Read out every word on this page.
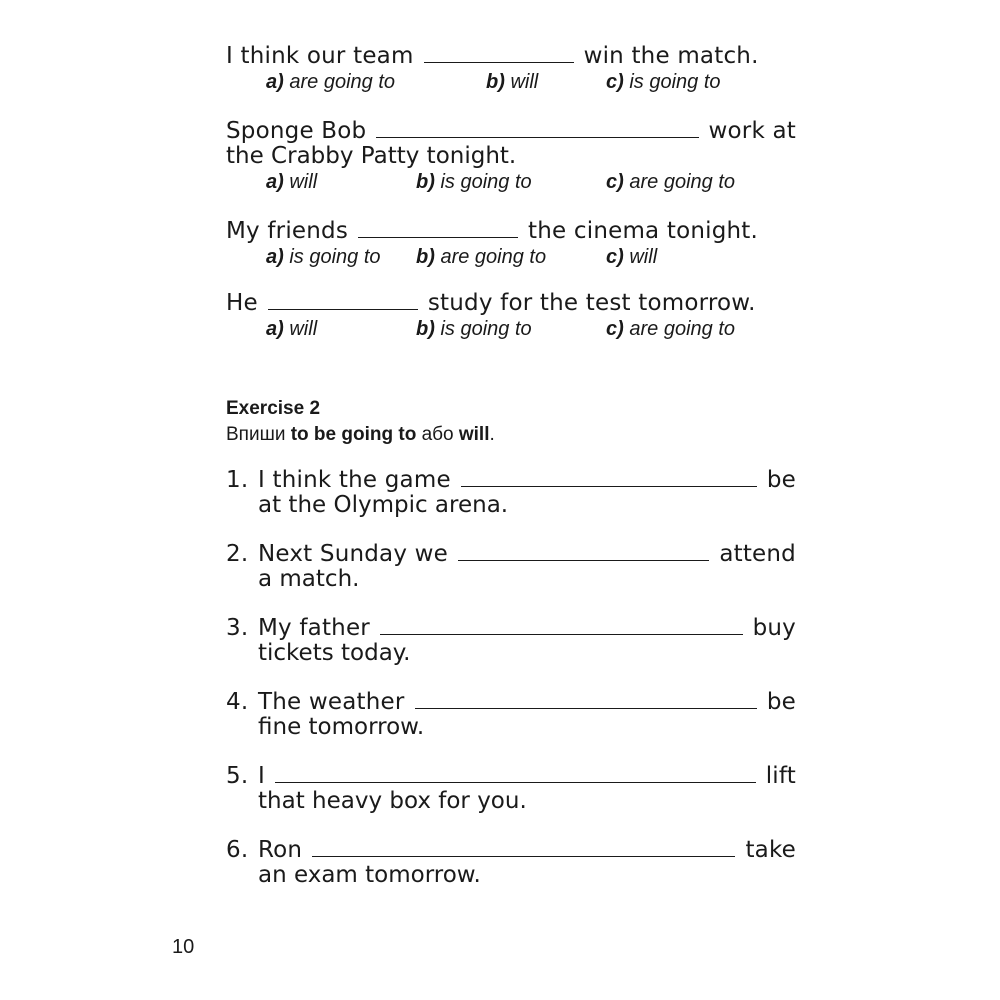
I think our team	win the match.
a) are going to	b) will	c) is going to
Sponge Bob	work at
the Crabby Patty tonight.
a) will	b) is going to	c) are going to
My friends	the cinema tonight.
a) is going to b) are going to	c) will
He	study for the test tomorrow.
a) will	b) is going to	c) are going to
Exercise 2
Впиши to be going to або will.
1. I think the game	be
at the Olympic arena.
2. Next Sunday we	attend
a match.
3. My father	buy
tickets today.
4. The weather	be
fine tomorrow.
5. I	lift
that heavy box for you.
6. Ron	take
an exam tomorrow.
10
